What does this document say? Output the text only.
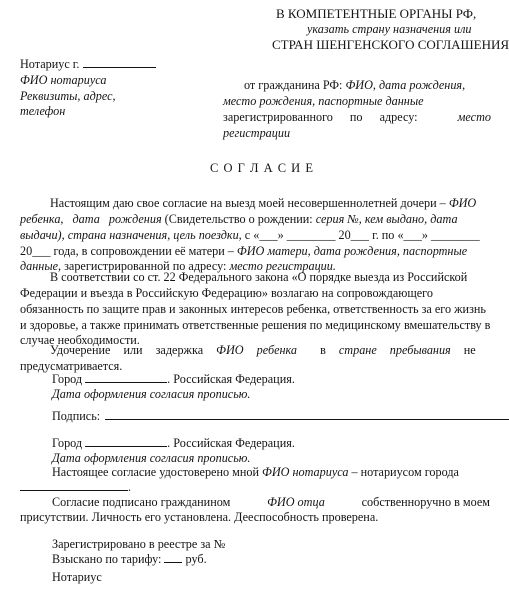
В КОМПЕТЕНТНЫЕ ОРГАНЫ РФ,
указать страну назначения или
СТРАН ШЕНГЕНСКОГО СОГЛАШЕНИЯ
Нотариус г.
ФИО нотариуса
Реквизиты, адрес,
телефон
от гражданина РФ: ФИО, дата рождения,
место рождения, паспортные данные
зарегистрированного по адресу:	место
регистрации
С О Г Л А С И Е
Настоящим даю свое согласие на выезд моей несовершеннолетней дочери – ФИО
ребенка, дата рождения (Свидетельство о рождении: серия №, кем выдано, дата
выдачи), страна назначения, цель поездки, с «___» ________ 20___ г. по «___» ________
20___ года, в сопровождении её матери – ФИО матери, дата рождения, паспортные
данные, зарегистрированной по адресу: место регистрации.
В соответствии со ст. 22 Федерального закона «О порядке выезда из Российской
Федерации и въезда в Российскую Федерацию» возлагаю на сопровождающего
обязанность по защите прав и законных интересов ребенка, ответственность за его жизнь
и здоровье, а также принимать ответственные решения по медицинскому вмешательству в
случае необходимости.
Удочерение или задержка ФИО ребенка в стране пребывания не
предусматривается.
Город	. Российская Федерация.
Дата оформления согласия прописью.
Подпись:
Город	. Российская Федерация.
Дата оформления согласия прописью.
Настоящее согласие удостоверено мной ФИО нотариуса – нотариусом города
.
Согласие подписано гражданином	ФИО отца	собственноручно в моем
присутствии. Личность его установлена. Дееспособность проверена.
Зарегистрировано в реестре за №
Взыскано по тарифу: руб.
Нотариус
